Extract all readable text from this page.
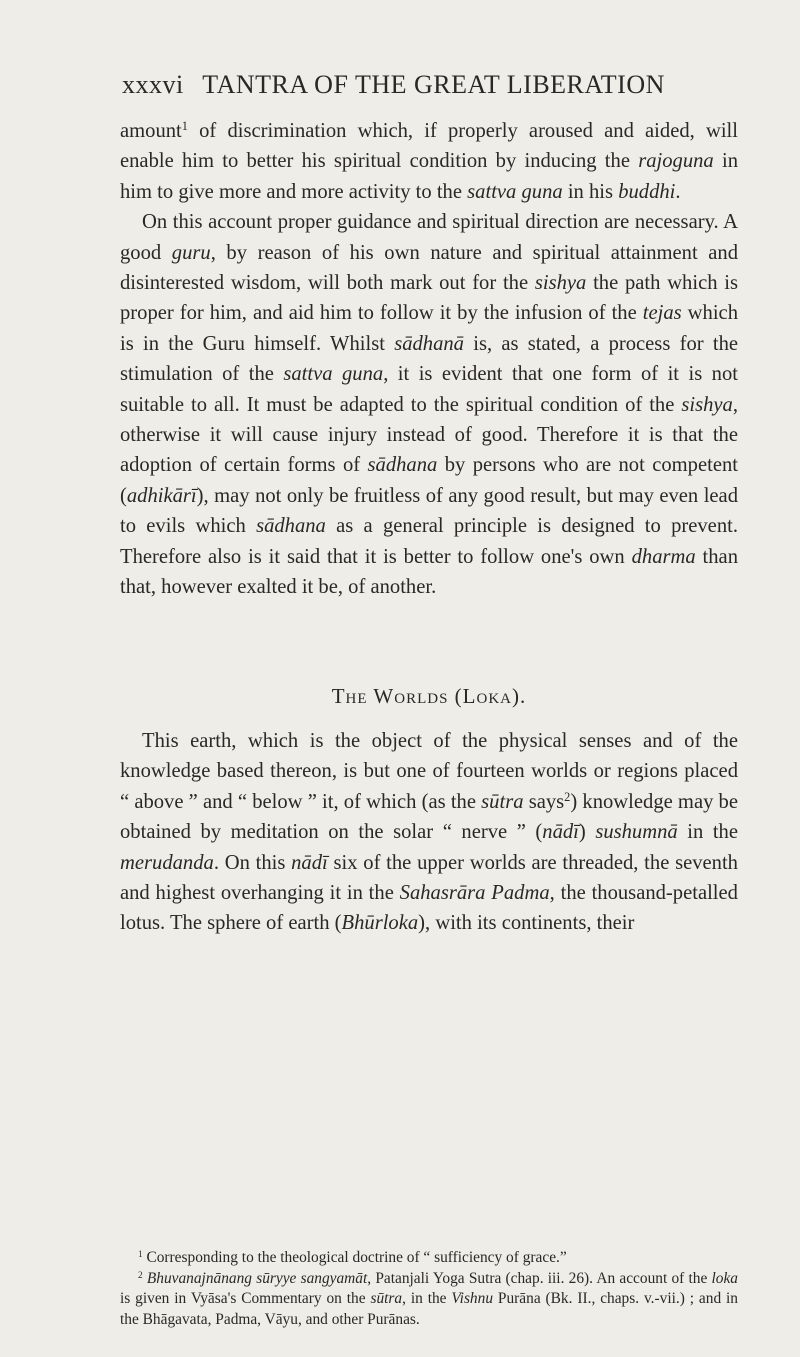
xxxvi TANTRA OF THE GREAT LIBERATION

amount$^1$ of discrimination which, if properly aroused and aided, will enable him to better his spiritual condition by inducing the rajoguna in him to give more and more activity to the sattva guna in his buddhi.

On this account proper guidance and spiritual direction are necessary. A good guru, by reason of his own nature and spiritual attainment and disinterested wisdom, will both mark out for the sishya the path which is proper for him, and aid him to follow it by the infusion of the tejas which is in the Guru himself. Whilst sādhanā is, as stated, a process for the stimulation of the sattva guna, it is evident that one form of it is not suitable to all. It must be adapted to the spiritual condition of the sishya, otherwise it will cause injury instead of good. Therefore it is that the adoption of certain forms of sādhana by persons who are not competent (adhikārī), may not only be fruitless of any good result, but may even lead to evils which sādhana as a general principle is designed to prevent. Therefore also is it said that it is better to follow one's own dharma than that, however exalted it be, of another.

The Worlds (Loka).

This earth, which is the object of the physical senses and of the knowledge based thereon, is but one of fourteen worlds or regions placed “ above ” and “ below ” it, of which (as the sūtra says$^2$) knowledge may be obtained by meditation on the solar “ nerve ” (nādī) sushumnā in the merudanda. On this nādī six of the upper worlds are threaded, the seventh and highest overhanging it in the Sahasrāra Padma, the thousand-petalled lotus. The sphere of earth (Bhūrloka), with its continents, their

$^1$ Corresponding to the theological doctrine of “ sufficiency of grace.”

$^2$ Bhuvanajnānang sūryye sangyamāt, Patanjali Yoga Sutra (chap. iii. 26). An account of the loka is given in Vyāsa's Commentary on the sūtra, in the Vishnu Purāna (Bk. II., chaps. v.-vii.) ; and in the Bhāgavata, Padma, Vāyu, and other Purānas.
